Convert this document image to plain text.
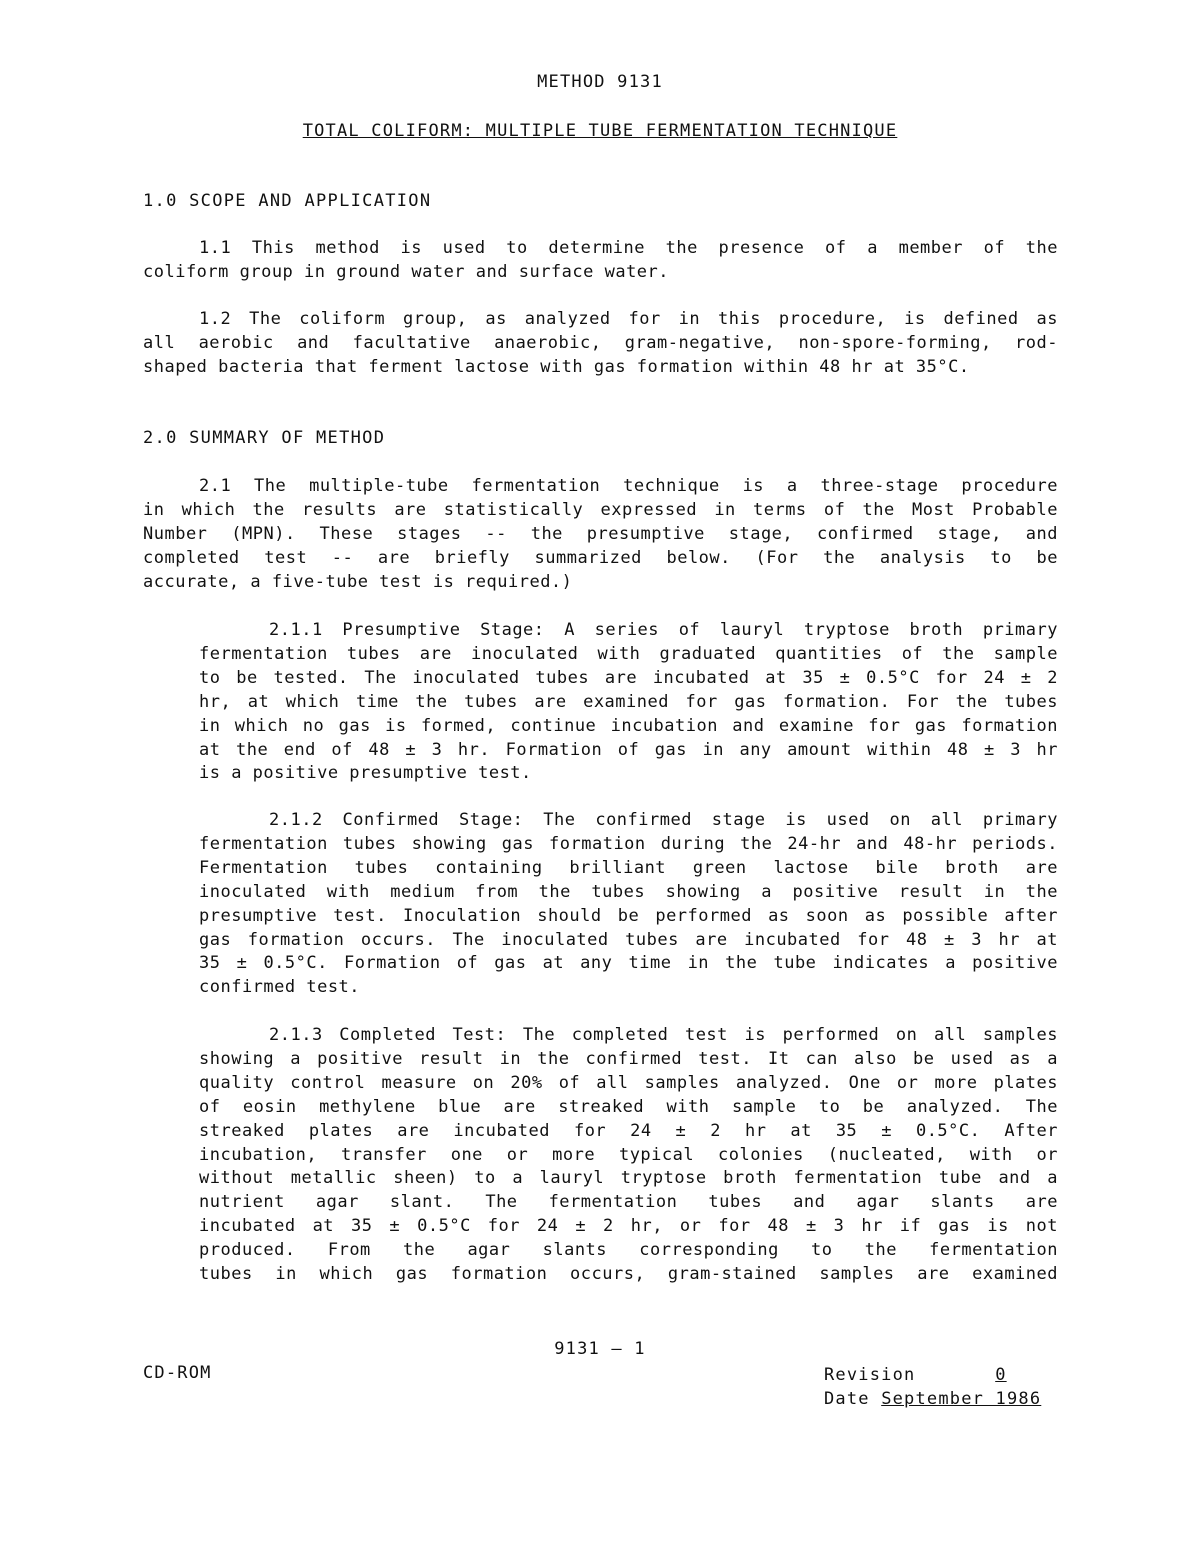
METHOD 9131
TOTAL COLIFORM: MULTIPLE TUBE FERMENTATION TECHNIQUE
1.0 SCOPE AND APPLICATION
1.1 This method is used to determine the presence of a member of the
coliform group in ground water and surface water.
1.2 The coliform group, as analyzed for in this procedure, is defined as
all aerobic and facultative anaerobic, gram-negative, non-spore-forming, rod-
shaped bacteria that ferment lactose with gas formation within 48 hr at 35°C.
2.0 SUMMARY OF METHOD
2.1 The multiple-tube fermentation technique is a three-stage procedure
in which the results are statistically expressed in terms of the Most Probable
Number (MPN). These stages -- the presumptive stage, confirmed stage, and
completed test -- are briefly summarized below. (For the analysis to be
accurate, a five-tube test is required.)
2.1.1 Presumptive Stage: A series of lauryl tryptose broth primary
fermentation tubes are inoculated with graduated quantities of the sample
to be tested. The inoculated tubes are incubated at 35 ± 0.5°C for 24 ± 2
hr, at which time the tubes are examined for gas formation. For the tubes
in which no gas is formed, continue incubation and examine for gas formation
at the end of 48 ± 3 hr. Formation of gas in any amount within 48 ± 3 hr
is a positive presumptive test.
2.1.2 Confirmed Stage: The confirmed stage is used on all primary
fermentation tubes showing gas formation during the 24-hr and 48-hr periods.
Fermentation tubes containing brilliant green lactose bile broth are
inoculated with medium from the tubes showing a positive result in the
presumptive test. Inoculation should be performed as soon as possible after
gas formation occurs. The inoculated tubes are incubated for 48 ± 3 hr at
35 ± 0.5°C. Formation of gas at any time in the tube indicates a positive
confirmed test.
2.1.3 Completed Test: The completed test is performed on all samples
showing a positive result in the confirmed test. It can also be used as a
quality control measure on 20% of all samples analyzed. One or more plates
of eosin methylene blue are streaked with sample to be analyzed. The
streaked plates are incubated for 24 ± 2 hr at 35 ± 0.5°C. After
incubation, transfer one or more typical colonies (nucleated, with or
without metallic sheen) to a lauryl tryptose broth fermentation tube and a
nutrient agar slant. The fermentation tubes and agar slants are
incubated at 35 ± 0.5°C for 24 ± 2 hr, or for 48 ± 3 hr if gas is not
produced. From the agar slants corresponding to the fermentation
tubes in which gas formation occurs, gram-stained samples are examined
9131 — 1
CD-ROM	Revision	0
Date September 1986
